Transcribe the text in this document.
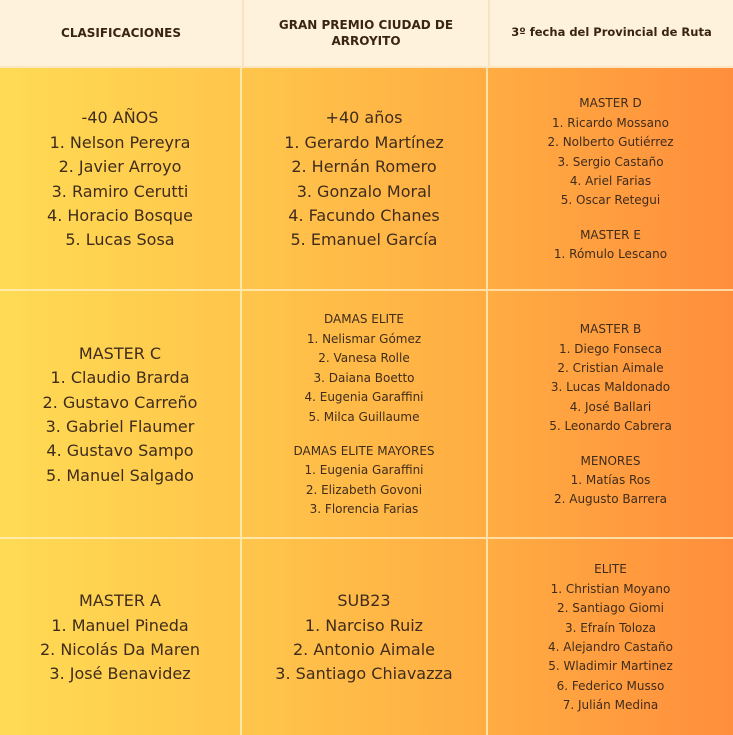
CLASIFICACIONES
GRAN PREMIO CIUDAD DE ARROYITO
3º fecha del Provincial de Ruta
-40 AÑOS
1. Nelson Pereyra
2. Javier Arroyo
3. Ramiro Cerutti
4. Horacio Bosque
5. Lucas Sosa
+40 años
1. Gerardo Martínez
2. Hernán Romero
3. Gonzalo Moral
4. Facundo Chanes
5. Emanuel García
MASTER D
1. Ricardo Mossano
2. Nolberto Gutiérrez
3. Sergio Castaño
4. Ariel Farias
5. Oscar Retegui
MASTER E
1. Rómulo Lescano
MASTER C
1. Claudio Brarda
2. Gustavo Carreño
3. Gabriel Flaumer
4. Gustavo Sampo
5. Manuel Salgado
DAMAS ELITE
1. Nelismar Gómez
2. Vanesa Rolle
3. Daiana Boetto
4. Eugenia Garaffini
5. Milca Guillaume
DAMAS ELITE MAYORES
1. Eugenia Garaffini
2. Elizabeth Govoni
3. Florencia Farias
MASTER B
1. Diego Fonseca
2. Cristian Aimale
3. Lucas Maldonado
4. José Ballari
5. Leonardo Cabrera
MENORES
1. Matías Ros
2. Augusto Barrera
MASTER A
1. Manuel Pineda
2. Nicolás Da Maren
3. José Benavidez
SUB23
1. Narciso Ruiz
2. Antonio Aimale
3. Santiago Chiavazza
ELITE
1. Christian Moyano
2. Santiago Giomi
3. Efraín Toloza
4. Alejandro Castaño
5. Wladimir Martinez
6. Federico Musso
7. Julián Medina
